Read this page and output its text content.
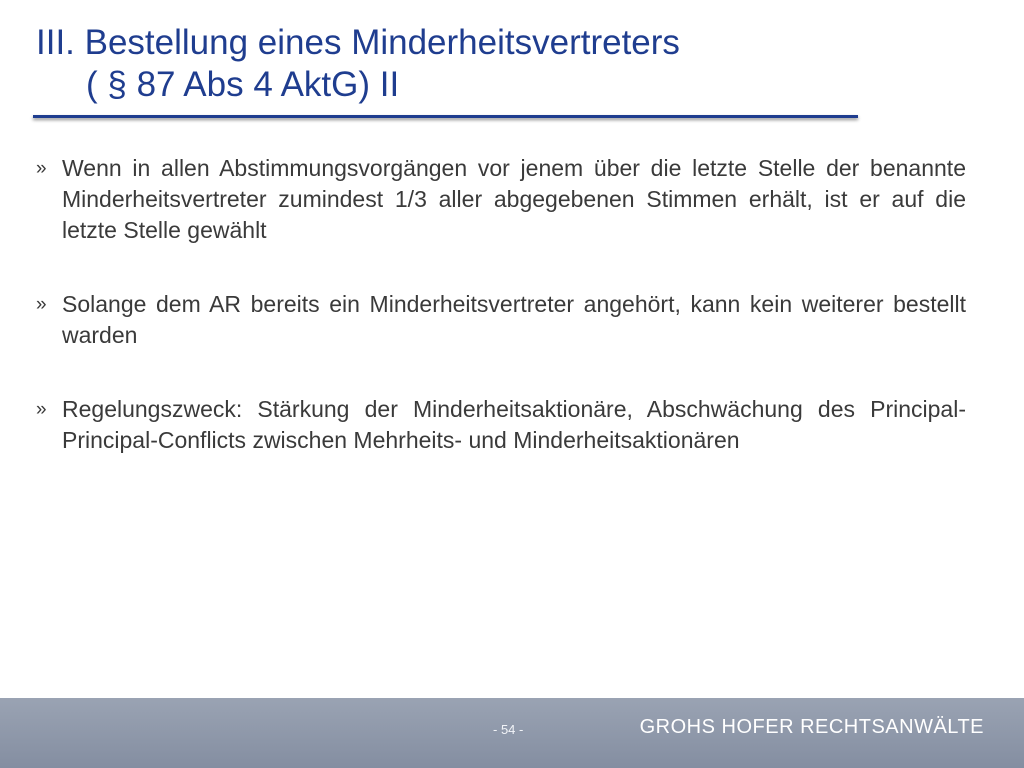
III. Bestellung eines Minderheitsvertreters
( § 87 Abs 4 AktG) II
» Wenn in allen Abstimmungsvorgängen vor jenem über die letzte Stelle der benannte Minderheitsvertreter zumindest 1/3 aller abgegebenen Stimmen erhält, ist er auf die letzte Stelle gewählt
» Solange dem AR bereits ein Minderheitsvertreter angehört, kann kein weiterer bestellt warden
» Regelungszweck: Stärkung der Minderheitsaktionäre, Abschwächung des Principal-Principal-Conflicts zwischen Mehrheits- und Minderheitsaktionären
- 54 -	GROHS HOFER RECHTSANWÄLTE
